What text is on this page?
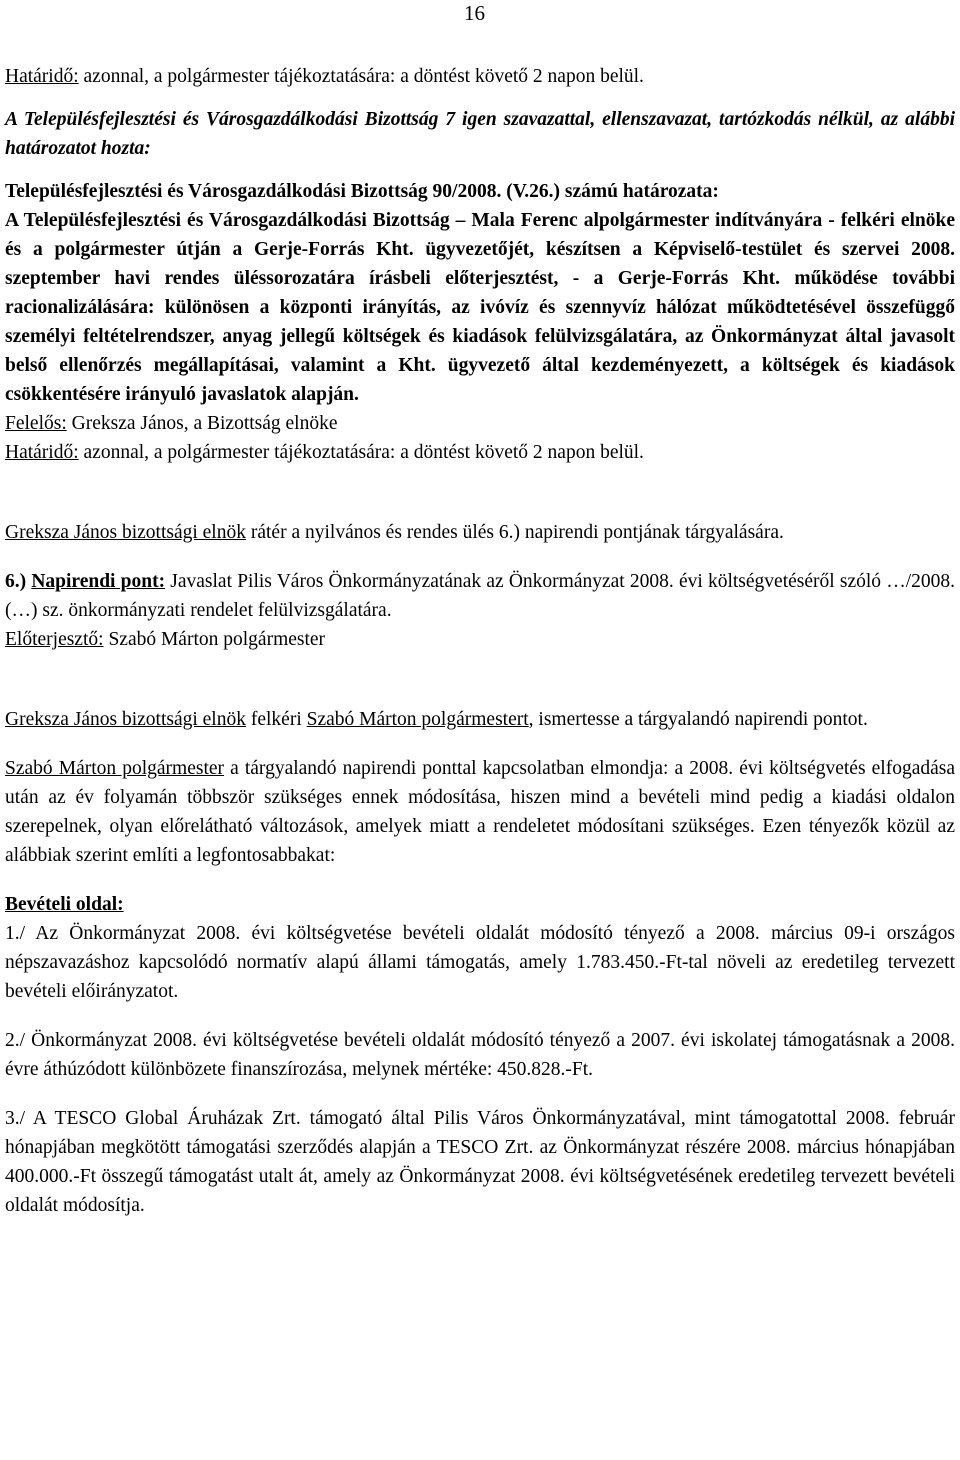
16

Határidő: azonnal, a polgármester tájékoztatására: a döntést követő 2 napon belül.

A Településfejlesztési és Városgazdálkodási Bizottság 7 igen szavazattal, ellenszavazat, tartózkodás nélkül, az alábbi határozatot hozta:

Településfejlesztési és Városgazdálkodási Bizottság 90/2008. (V.26.) számú határozata:

A Településfejlesztési és Városgazdálkodási Bizottság – Mala Ferenc alpolgármester indítványára - felkéri elnöke és a polgármester útján a Gerje-Forrás Kht. ügyvezetőjét, készítsen a Képviselő-testület és szervei 2008. szeptember havi rendes üléssorozatára írásbeli előterjesztést, - a Gerje-Forrás Kht. működése további racionalizálására: különösen a központi irányítás, az ivóvíz és szennyvíz hálózat működtetésével összefüggő személyi feltételrendszer, anyag jellegű költségek és kiadások felülvizsgálatára, az Önkormányzat által javasolt belső ellenőrzés megállapításai, valamint a Kht. ügyvezető által kezdeményezett, a költségek és kiadások csökkentésére irányuló javaslatok alapján.

Felelős: Greksza János, a Bizottság elnöke

Határidő: azonnal, a polgármester tájékoztatására: a döntést követő 2 napon belül.

Greksza János bizottsági elnök rátér a nyilvános és rendes ülés 6.) napirendi pontjának tárgyalására.

6.) Napirendi pont: Javaslat Pilis Város Önkormányzatának az Önkormányzat 2008. évi költségvetéséről szóló …/2008. (…) sz. önkormányzati rendelet felülvizsgálatára.

Előterjesztő: Szabó Márton polgármester

Greksza János bizottsági elnök felkéri Szabó Márton polgármestert, ismertesse a tárgyalandó napirendi pontot.

Szabó Márton polgármester a tárgyalandó napirendi ponttal kapcsolatban elmondja: a 2008. évi költségvetés elfogadása után az év folyamán többször szükséges ennek módosítása, hiszen mind a bevételi mind pedig a kiadási oldalon szerepelnek, olyan előrelátható változások, amelyek miatt a rendeletet módosítani szükséges. Ezen tényezők közül az alábbiak szerint említi a legfontosabbakat:

Bevételi oldal:

1./ Az Önkormányzat 2008. évi költségvetése bevételi oldalát módosító tényező a 2008. március 09-i országos népszavazáshoz kapcsolódó normatív alapú állami támogatás, amely 1.783.450.-Ft-tal növeli az eredetileg tervezett bevételi előirányzatot.

2./ Önkormányzat 2008. évi költségvetése bevételi oldalát módosító tényező a 2007. évi iskolatej támogatásnak a 2008. évre áthúzódott különbözete finanszírozása, melynek mértéke: 450.828.-Ft.

3./ A TESCO Global Áruházak Zrt. támogató által Pilis Város Önkormányzatával, mint támogatottal 2008. február hónapjában megkötött támogatási szerződés alapján a TESCO Zrt. az Önkormányzat részére 2008. március hónapjában 400.000.-Ft összegű támogatást utalt át, amely az Önkormányzat 2008. évi költségvetésének eredetileg tervezett bevételi oldalát módosítja.
